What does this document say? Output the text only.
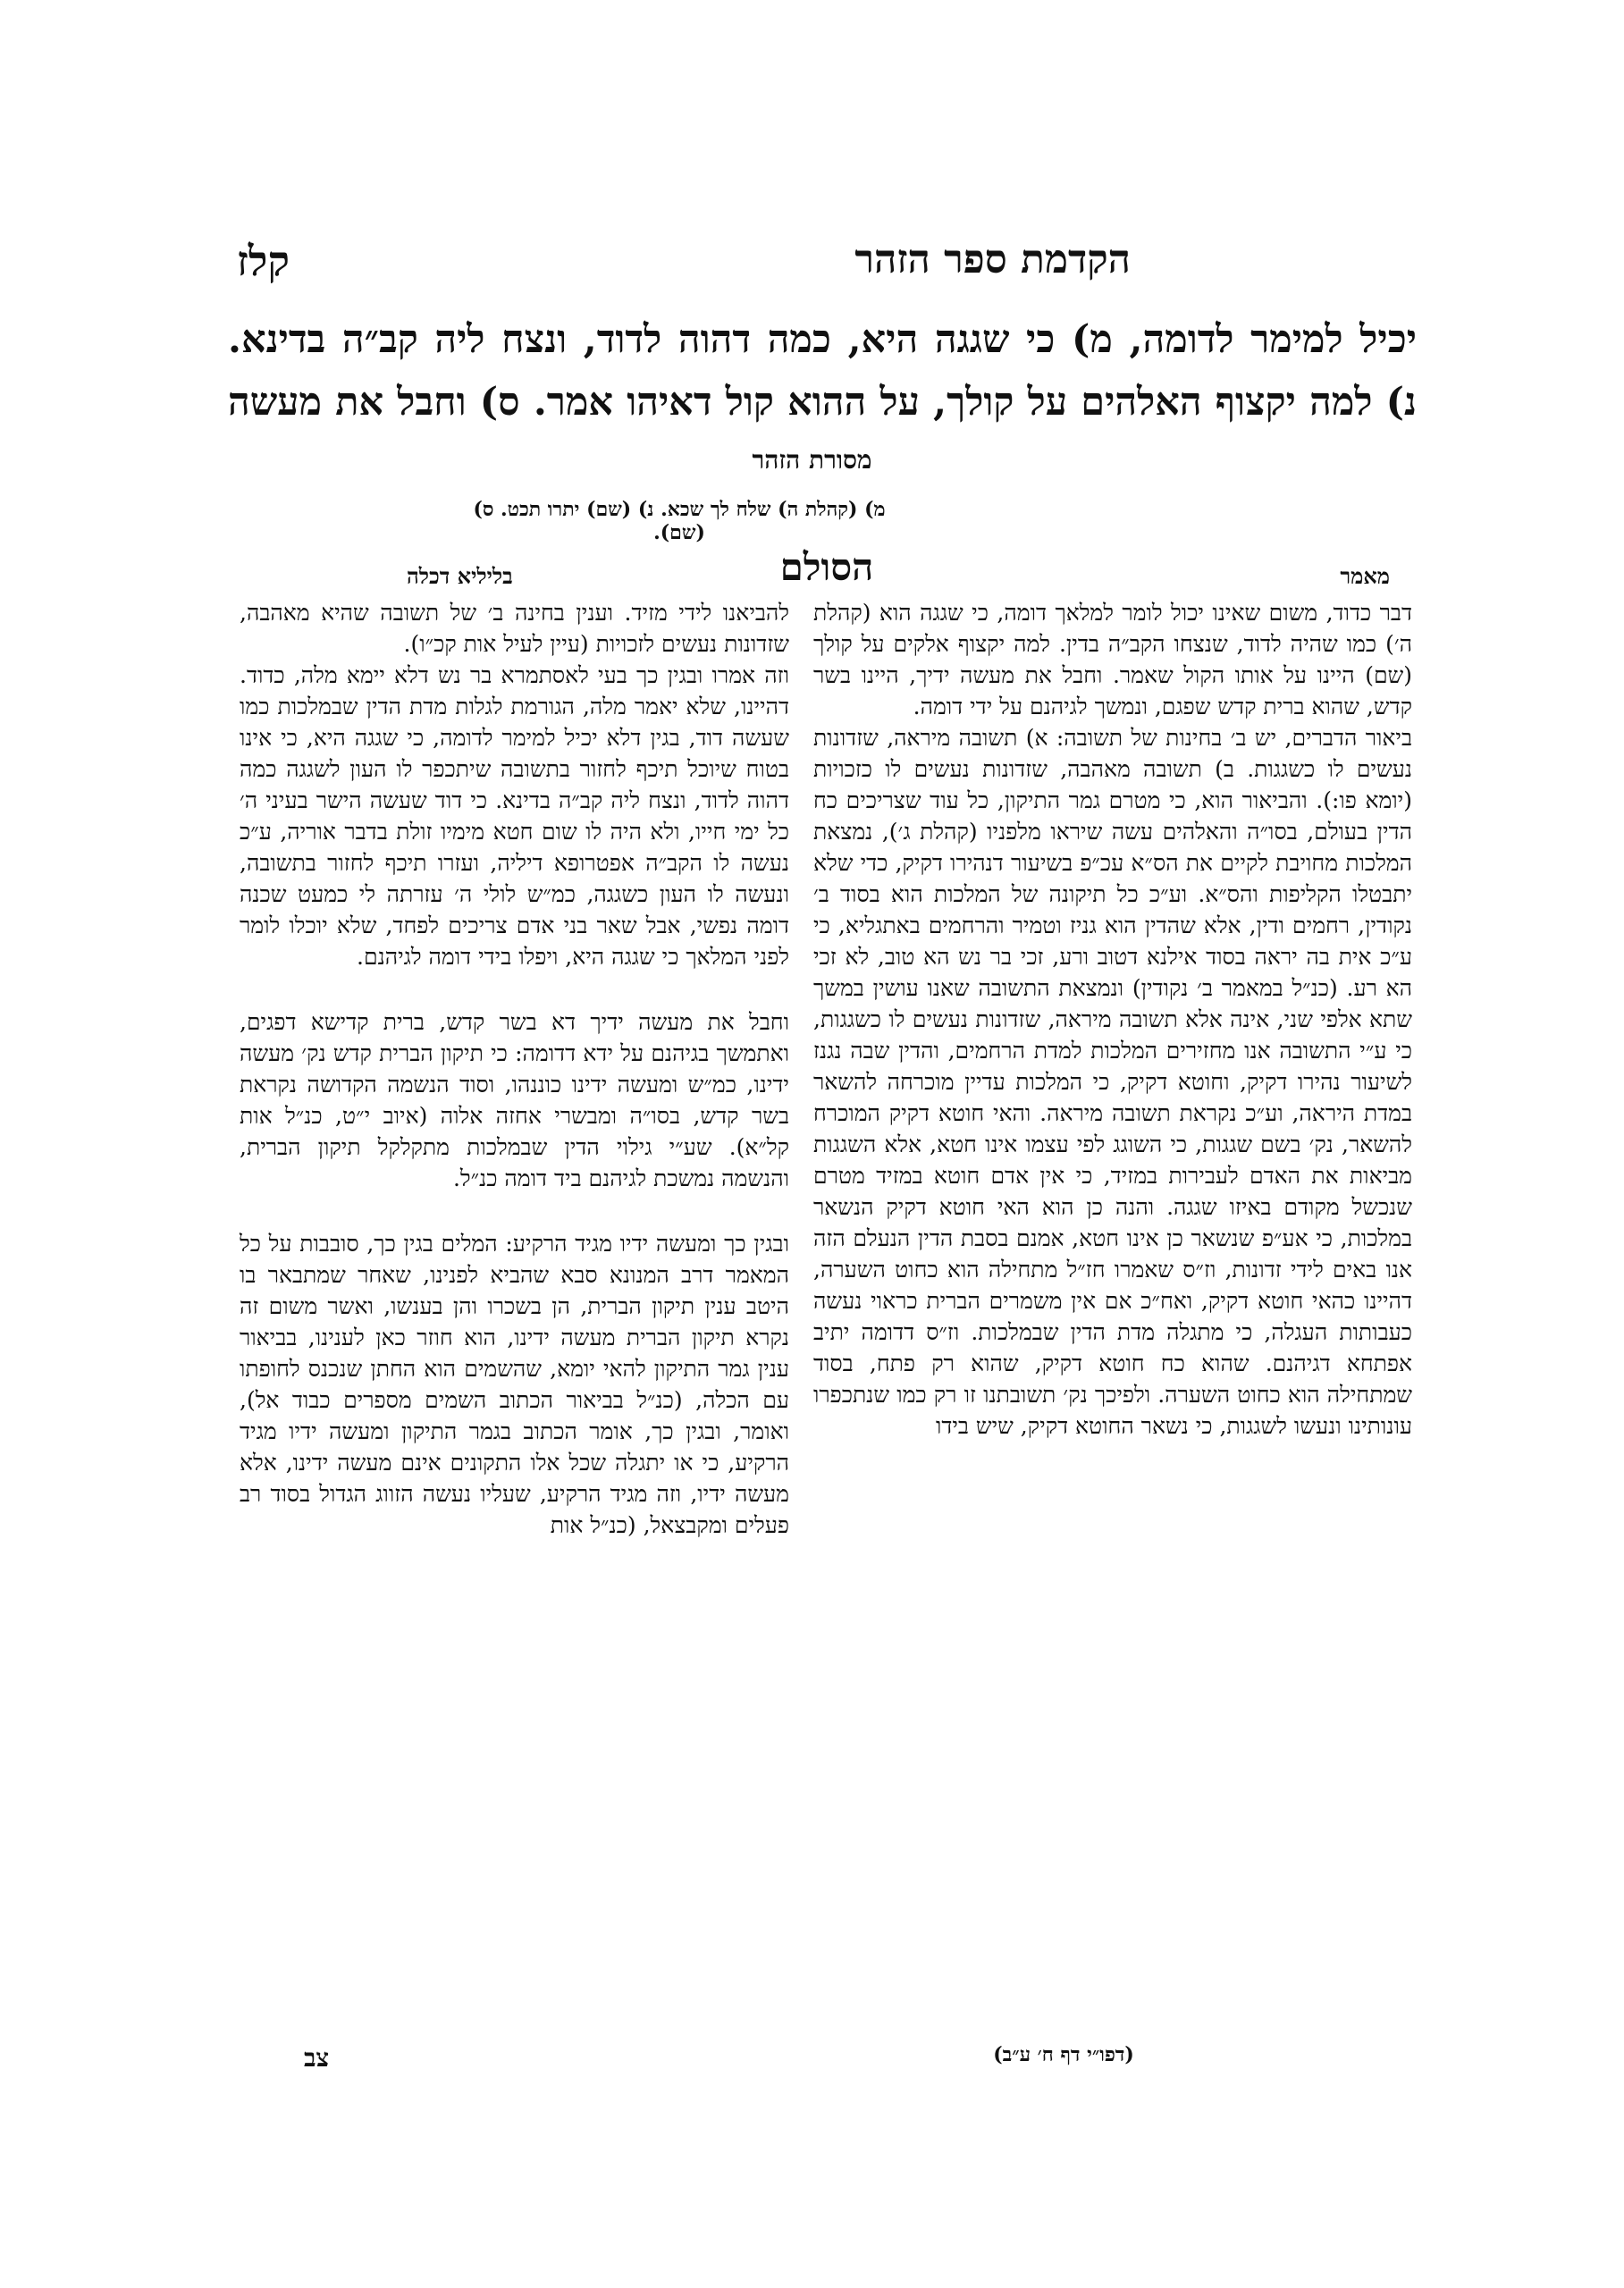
הקדמת ספר הזהר
קלז
יכיל למימר לדומה, מ) כי שגגה היא, כמה דהוה לדוד, ונצח ליה קב״ה בדינא. נ) למה יקצוף האלהים על קולך, על ההוא קול דאיהו אמר. ס) וחבל את מעשה
מסורת הזהר
מ) (קהלת ה) שלח לך שכא. נ) (שם) יתרו תכט. ס) (שם).
מאמר
הסולם
בליליא דכלה

דבר כדוד, משום שאינו יכול לומר למלאך דומה, כי שגגה הוא (קהלת ה׳) כמו שהיה לדוד, שנצחו הקב״ה בדין. למה יקצוף אלקים על קולך (שם) היינו על אותו הקול שאמר. וחבל את מעשה ידיך, היינו בשר קדש, שהוא ברית קדש שפגם, ונמשך לגיהנם על ידי דומה.

ביאור הדברים, יש ב׳ בחינות של תשובה: א) תשובה מיראה, שזדונות נעשים לו כשגגות. ב) תשובה מאהבה, שזדונות נעשים לו כזכויות (יומא פו:). והביאור הוא, כי מטרם גמר התיקון, כל עוד שצריכים כח הדין בעולם, בסו״ה והאלהים עשה שיראו מלפניו (קהלת ג׳), נמצאת המלכות מחויבת לקיים את הס״א עכ״פ בשיעור דנהירו דקיק, כדי שלא יתבטלו הקליפות והס״א. וע״כ כל תיקונה של המלכות הוא בסוד ב׳ נקודין, רחמים ודין, אלא שהדין הוא גניז וטמיר והרחמים באתגליא, כי ע״כ אית בה יראה בסוד אילנא דטוב ורע, זכי בר נש הא טוב, לא זכי הא רע. (כנ״ל במאמר ב׳ נקודין) ונמצאת התשובה שאנו עושין במשך שתא אלפי שני, אינה אלא תשובה מיראה, שזדונות נעשים לו כשגגות, כי ע״י התשובה אנו מחזירים המלכות למדת הרחמים, והדין שבה נגנז לשיעור נהירו דקיק, וחוטא דקיק, כי המלכות עדיין מוכרחה להשאר במדת היראה, וע״כ נקראת תשובה מיראה. והאי חוטא דקיק המוכרח להשאר, נק׳ בשם שגגות, כי השוגג לפי עצמו אינו חטא, אלא השגגות מביאות את האדם לעבירות במזיד, כי אין אדם חוטא במזיד מטרם שנכשל מקודם באיזו שגגה. והנה כן הוא האי חוטא דקיק הנשאר במלכות, כי אע״פ שנשאר כן אינו חטא, אמנם בסבת הדין הנעלם הזה אנו באים לידי זדונות, וז״ס שאמרו חז״ל מתחילה הוא כחוט השערה, דהיינו כהאי חוטא דקיק, ואח״כ אם אין משמרים הברית כראוי נעשה כעבותות העגלה, כי מתגלה מדת הדין שבמלכות. וז״ס דדומה יתיב אפתחא דגיהנם. שהוא כח חוטא דקיק, שהוא רק פתח, בסוד שמתחילה הוא כחוט השערה. ולפיכך נק׳ תשובתנו זו רק כמו שנתכפרו עונותינו ונעשו לשגגות, כי נשאר החוטא דקיק, שיש בידו

להביאנו לידי מזיד. וענין בחינה ב׳ של תשובה שהיא מאהבה, שזדונות נעשים לזכויות (עיין לעיל אות קכ״ו).

וזה אמרו ובגין כך בעי לאסתמרא בר נש דלא יימא מלה, כדוד. דהיינו, שלא יאמר מלה, הגורמת לגלות מדת הדין שבמלכות כמו שעשה דוד, בגין דלא יכיל למימר לדומה, כי שגגה היא, כי אינו בטוח שיוכל תיכף לחזור בתשובה שיתכפר לו העון לשגגה כמה דהוה לדוד, ונצח ליה קב״ה בדינא. כי דוד שעשה הישר בעיני ה׳ כל ימי חייו, ולא היה לו שום חטא מימיו זולת בדבר אוריה, ע״כ נעשה לו הקב״ה אפטרופא דיליה, ועזרו תיכף לחזור בתשובה, ונעשה לו העון כשגגה, כמ״ש לולי ה׳ עזרתה לי כמעט שכנה דומה נפשי, אבל שאר בני אדם צריכים לפחד, שלא יוכלו לומר לפני המלאך כי שגגה היא, ויפלו בידי דומה לגיהנם.

וחבל את מעשה ידיך דא בשר קדש, ברית קדישא דפגים, ואתמשך בגיהנם על ידא דדומה: כי תיקון הברית קדש נק׳ מעשה ידינו, כמ״ש ומעשה ידינו כוננהו, וסוד הנשמה הקדושה נקראת בשר קדש, בסו״ה ומבשרי אחזה אלוה (איוב י״ט, כנ״ל אות קל״א). שע״י גילוי הדין שבמלכות מתקלקל תיקון הברית, והנשמה נמשכת לגיהנם ביד דומה כנ״ל.

ובגין כך ומעשה ידיו מגיד הרקיע: המלים בגין כך, סובבות על כל המאמר דרב המנונא סבא שהביא לפנינו, שאחר שמתבאר בו היטב ענין תיקון הברית, הן בשכרו והן בענשו, ואשר משום זה נקרא תיקון הברית מעשה ידינו, הוא חוזר כאן לענינו, בביאור ענין גמר התיקון להאי יומא, שהשמים הוא החתן שנכנס לחופתו עם הכלה, (כנ״ל בביאור הכתוב השמים מספרים כבוד אל), ואומר, ובגין כך, אומר הכתוב בגמר התיקון ומעשה ידיו מגיד הרקיע, כי או יתגלה שכל אלו התקונים אינם מעשה ידינו, אלא מעשה ידיו, וזה מגיד הרקיע, שעליו נעשה הזווג הגדול בסוד רב פעלים ומקבצאל, (כנ״ל אות

(דפו״י דף ח׳ ע״ב)
צב
